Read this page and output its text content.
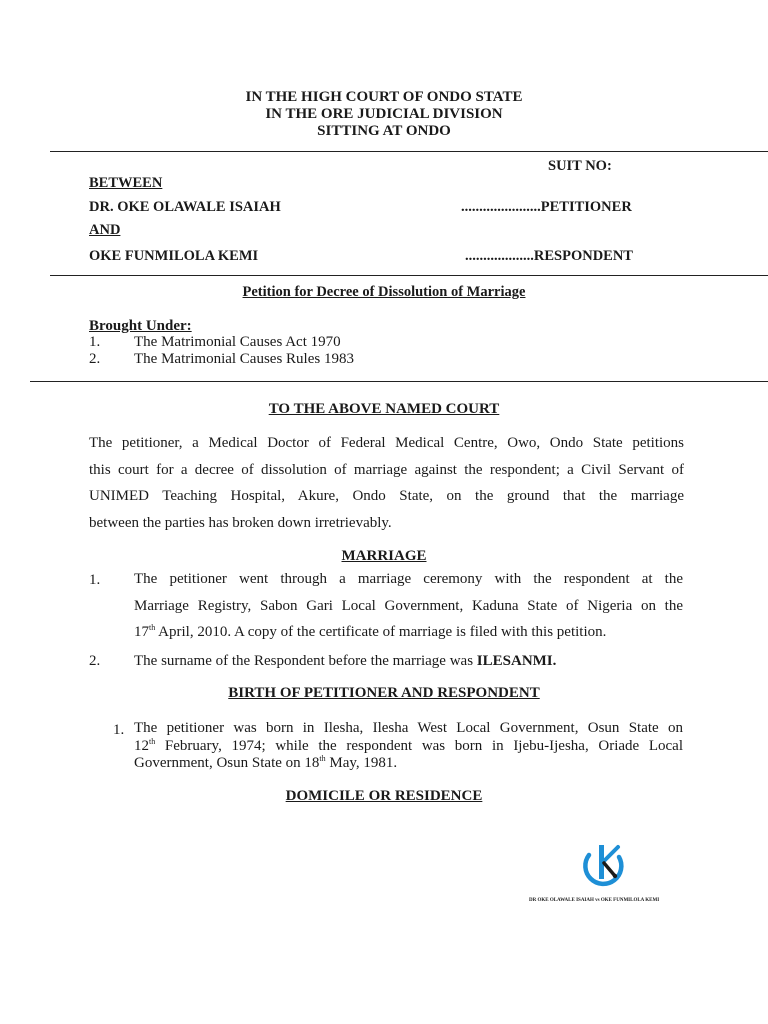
IN THE HIGH COURT OF ONDO STATE
IN THE ORE JUDICIAL DIVISION
SITTING AT ONDO
SUIT NO:
BETWEEN
DR. OKE OLAWALE ISAIAH	......................PETITIONER
AND
OKE FUNMILOLA KEMI	...................RESPONDENT
Petition for Decree of Dissolution of Marriage
Brought Under:
1. The Matrimonial Causes Act 1970
2. The Matrimonial Causes Rules 1983
TO THE ABOVE NAMED COURT
The petitioner, a Medical Doctor of Federal Medical Centre, Owo, Ondo State petitions
this court for a decree of dissolution of marriage against the respondent; a Civil Servant of
UNIMED Teaching Hospital, Akure, Ondo State, on the ground that the marriage
between the parties has broken down irretrievably.
MARRIAGE
1. The petitioner went through a marriage ceremony with the respondent at the
Marriage Registry, Sabon Gari Local Government, Kaduna State of Nigeria on the
17th April, 2010. A copy of the certificate of marriage is filed with this petition.
2. The surname of the Respondent before the marriage was ILESANMI.
BIRTH OF PETITIONER AND RESPONDENT
1. The petitioner was born in Ilesha, Ilesha West Local Government, Osun State on
12th February, 1974; while the respondent was born in Ijebu-Ijesha, Oriade Local
Government, Osun State on 18th May, 1981.
DOMICILE OR RESIDENCE
DR OKE OLAWALE ISAIAH vs OKE FUNMILOLA KEMI
